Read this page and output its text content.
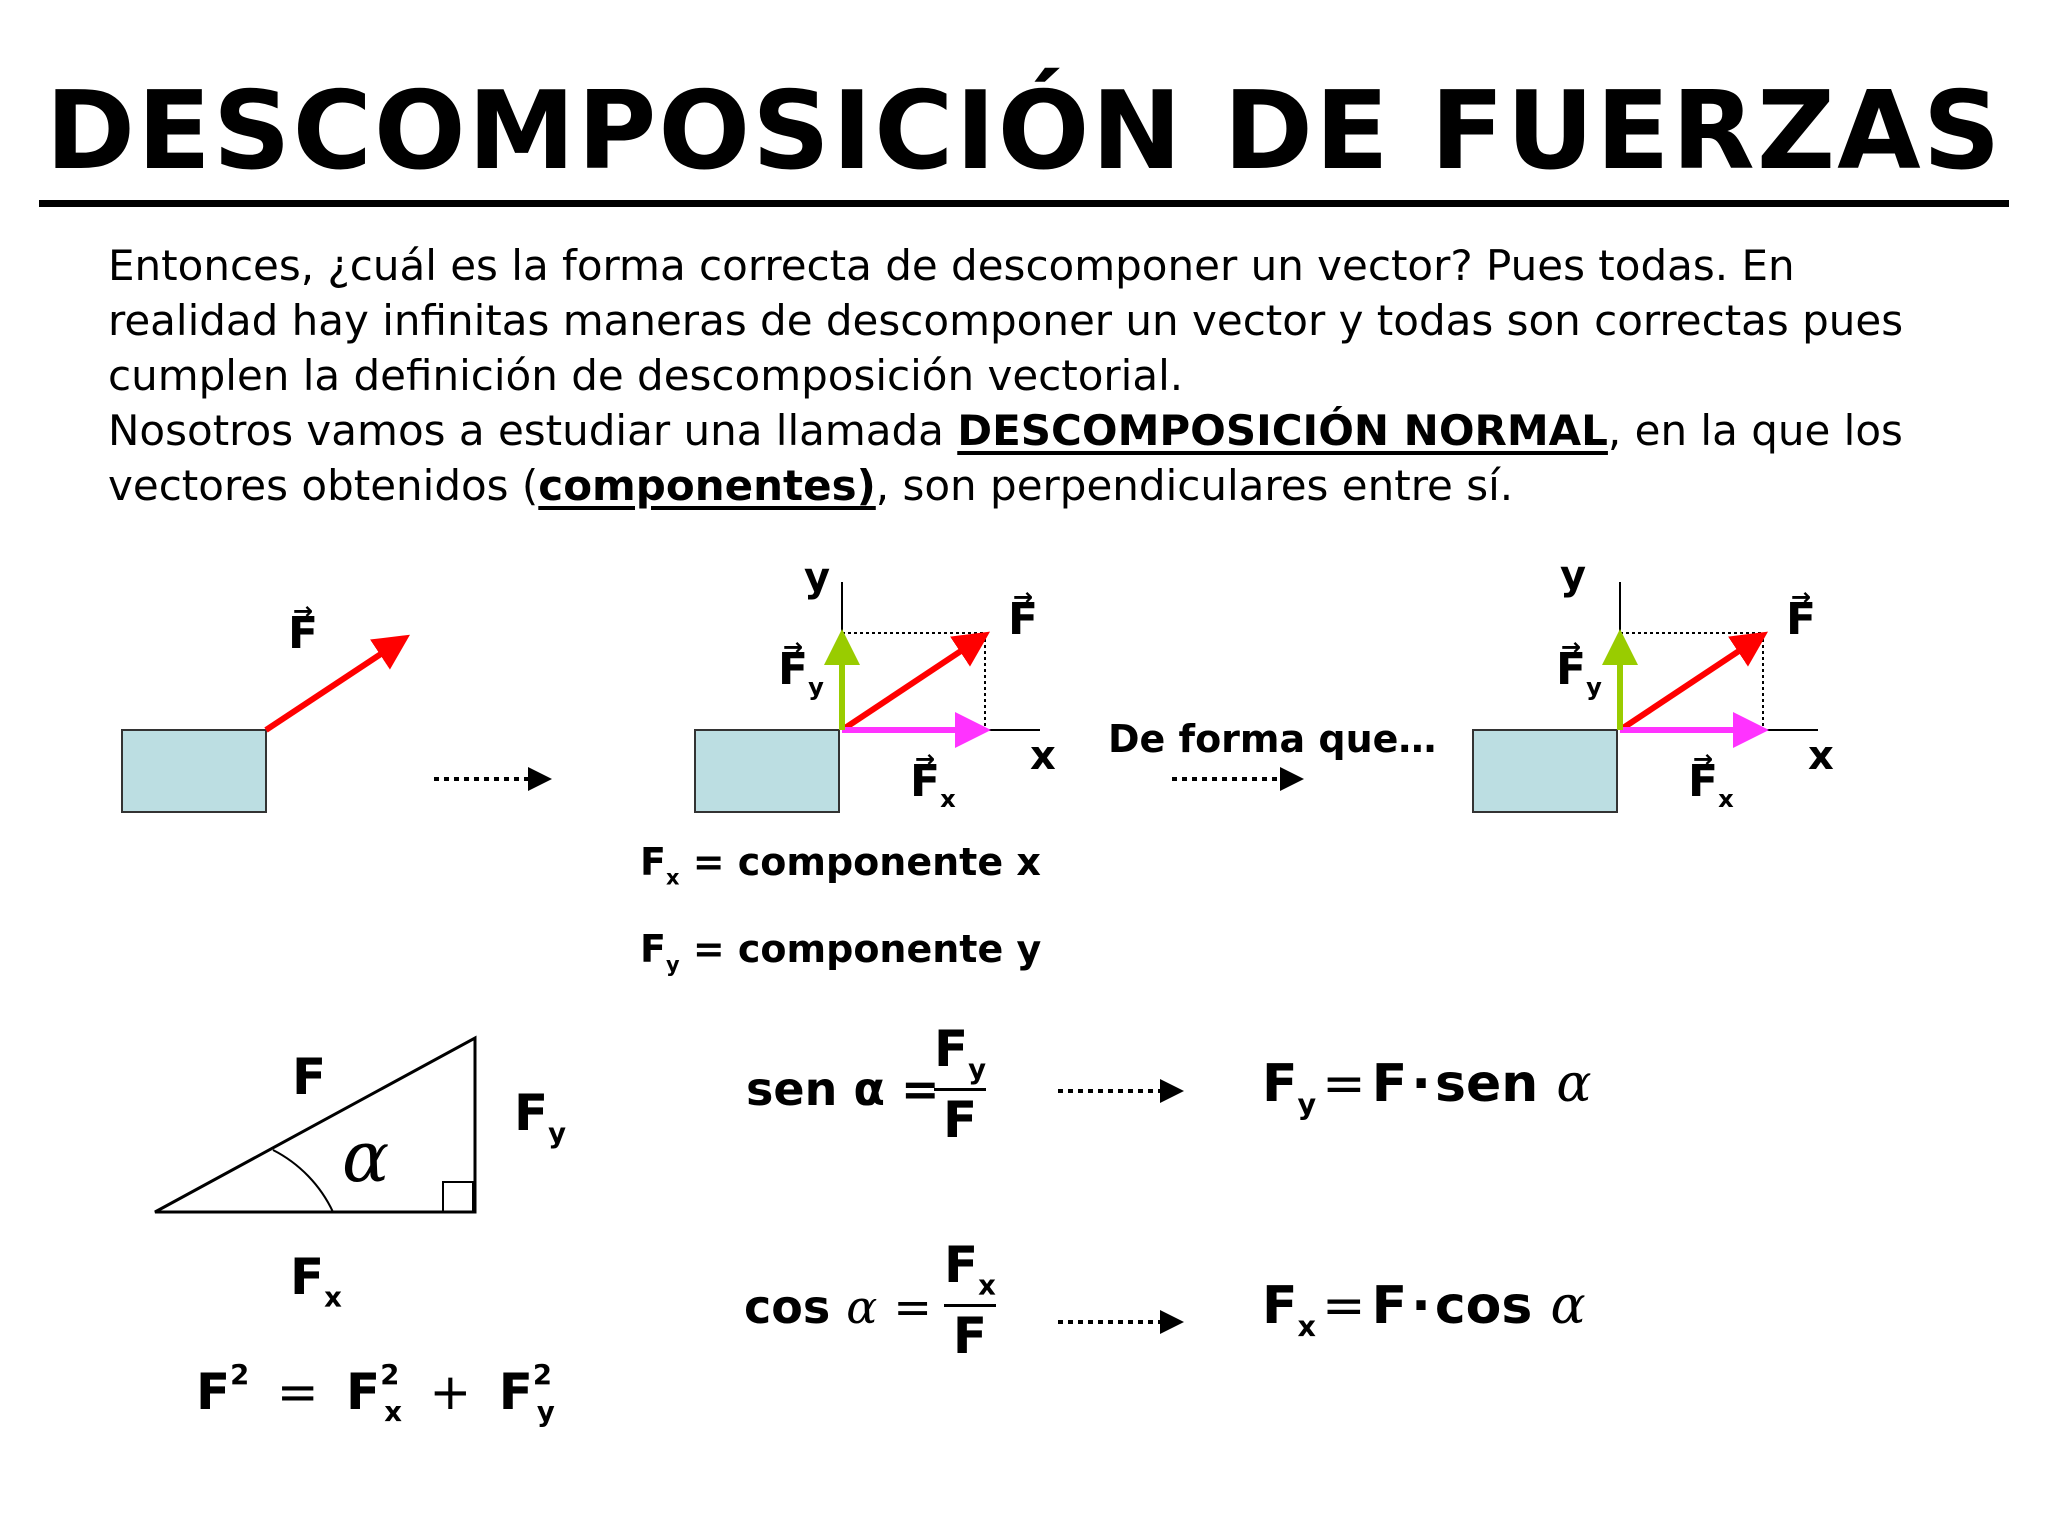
DESCOMPOSICIÓN DE FUERZAS

Entonces, ¿cuál es la forma correcta de descomponer un vector? Pues todas. En

realidad hay infinitas maneras de descomponer un vector y todas son correctas pues

cumplen la definición de descomposición vectorial.

Nosotros vamos a estudiar una llamada DESCOMPOSICIÓN NORMAL, en la que los

vectores obtenidos (componentes), son perpendiculares entre sí.

→ F
y
→ F
→ $F_y$
→ $F_x$
x De forma que…
y
→ F
→ $F_y$
→ $F_x$
x
$F_x$ = componente x
$F_y$ = componente y
F
$F_y$
α
$F_x$
$F^2 = F^2_x + F^2_y$
sen α =
$F_y$
F
$F_y = F\cdot sen$ α
cos α =
$F_x$
F	$F_x = F\cdot\cos$ α
